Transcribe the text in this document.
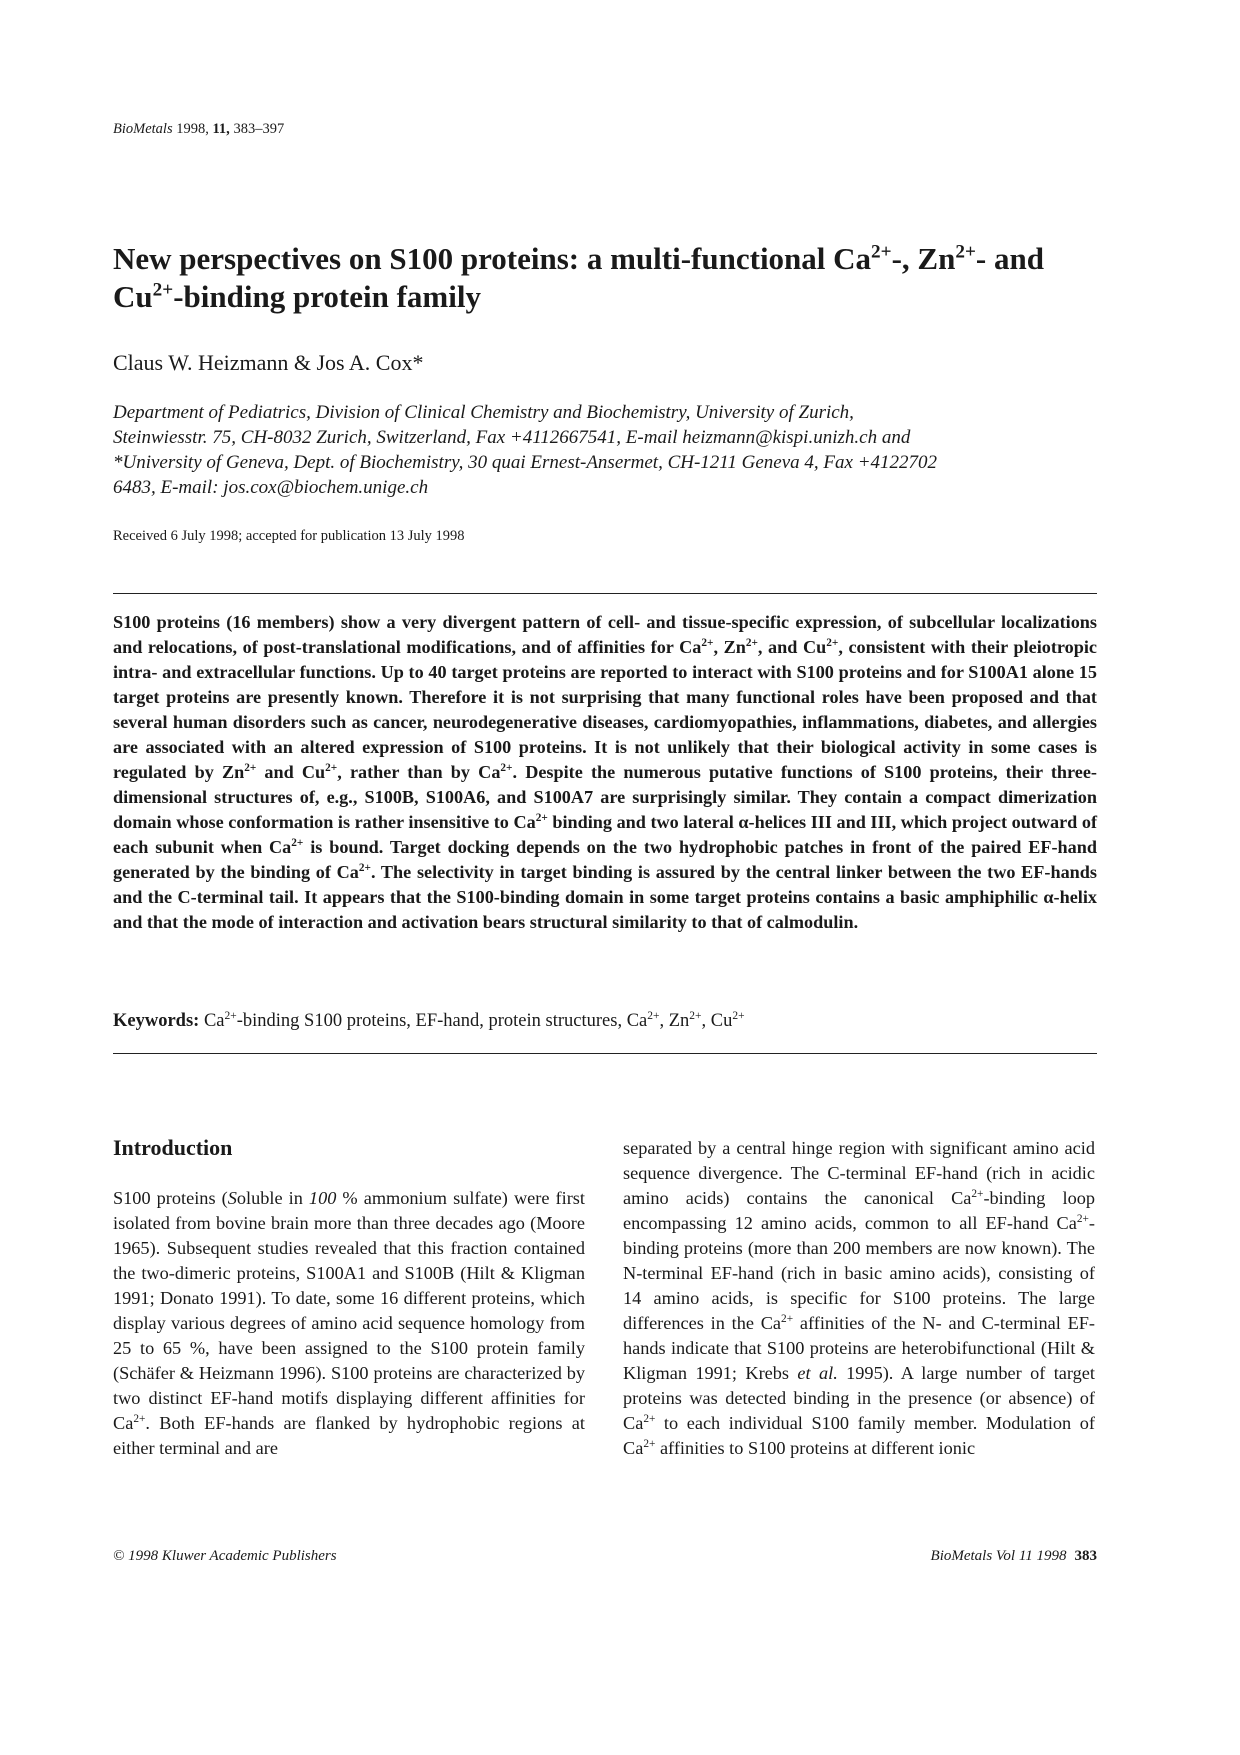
BioMetals 1998, 11, 383–397
New perspectives on S100 proteins: a multi-functional $Ca^{2+}-$, $Zn^{2+}-$ and $Cu^{2+}$-binding protein family
Claus W. Heizmann & Jos A. Cox*

Department of Pediatrics, Division of Clinical Chemistry and Biochemistry, University of Zurich,
Steinwiesstr. 75, CH-8032 Zurich, Switzerland, Fax +4112667541, E-mail heizmann@kispi.unizh.ch and
*University of Geneva, Dept. of Biochemistry, 30 quai Ernest-Ansermet, CH-1211 Geneva 4, Fax +4122702
6483, E-mail: jos.cox@biochem.unige.ch

Received 6 July 1998; accepted for publication 13 July 1998

S100 proteins (16 members) show a very divergent pattern of cell- and tissue-specific expression, of subcellular localizations and relocations, of post-translational modifications, and of affinities for $Ca^{2+}$, $Zn^{2+}$, and $Cu^{2+}$, consistent with their pleiotropic intra- and extracellular functions. Up to 40 target proteins are reported to interact with S100 proteins and for S100A1 alone 15 target proteins are presently known. Therefore it is not surprising that many functional roles have been proposed and that several human disorders such as cancer, neurodegenerative diseases, cardiomyopathies, inflammations, diabetes, and allergies are associated with an altered expression of S100 proteins. It is not unlikely that their biological activity in some cases is regulated by $Zn^{2+}$ and $Cu^{2+}$, rather than by $Ca^{2+}$. Despite the numerous putative functions of S100 proteins, their three-dimensional structures of, e.g., S100B, S100A6, and S100A7 are surprisingly similar. They contain a compact dimerization domain whose conformation is rather insensitive to $Ca^{2+}$ binding and two lateral α-helices III and III, which project outward of each subunit when $Ca^{2+}$ is bound. Target docking depends on the two hydrophobic patches in front of the paired EF-hand generated by the binding of $Ca^{2+}$. The selectivity in target binding is assured by the central linker between the two EF-hands and the C-terminal tail. It appears that the S100-binding domain in some target proteins contains a basic amphiphilic α-helix and that the mode of interaction and activation bears structural similarity to that of calmodulin.

Keywords: $Ca^{2+}$-binding S100 proteins, EF-hand, protein structures, $Ca^{2+}$, $Zn^{2+}$, $Cu^{2+}$
Introduction

S100 proteins (Soluble in 100 % ammonium sulfate) were first isolated from bovine brain more than three decades ago (Moore 1965). Subsequent studies revealed that this fraction contained the two-dimeric proteins, S100A1 and S100B (Hilt & Kligman 1991; Donato 1991). To date, some 16 different proteins, which display various degrees of amino acid sequence homology from 25 to 65 %, have been assigned to the S100 protein family (Schäfer & Heizmann 1996). S100 proteins are characterized by two distinct EF-hand motifs displaying different affinities for $Ca^{2+}$. Both EF-hands are flanked by hydrophobic regions at either terminal and are

separated by a central hinge region with significant amino acid sequence divergence. The C-terminal EF-hand (rich in acidic amino acids) contains the canonical $Ca^{2+}$-binding loop encompassing 12 amino acids, common to all EF-hand $Ca^{2+}$-binding proteins (more than 200 members are now known). The N-terminal EF-hand (rich in basic amino acids), consisting of 14 amino acids, is specific for S100 proteins. The large differences in the $Ca^{2+}$ affinities of the N- and C-terminal EF-hands indicate that S100 proteins are heterobifunctional (Hilt & Kligman 1991; Krebs et al. 1995). A large number of target proteins was detected binding in the presence (or absence) of $Ca^{2+}$ to each individual S100 family member. Modulation of $Ca^{2+}$ affinities to S100 proteins at different ionic

© 1998 Kluwer Academic Publishers	BioMetals Vol 11 1998 383
